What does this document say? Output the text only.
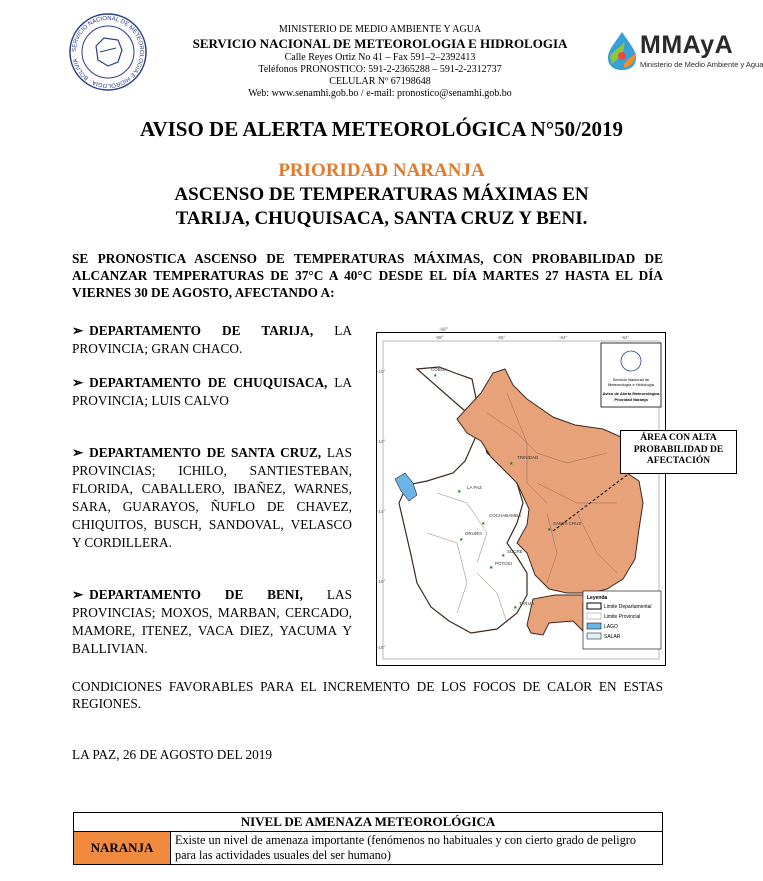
SERVICIO NACIONAL DE METEOROLOGIA E HIDROLOGIA · BOLIVIA
MINISTERIO DE MEDIO AMBIENTE Y AGUA
SERVICIO NACIONAL DE METEOROLOGIA E HIDROLOGIA
Calle Reyes Ortiz No 41 – Fax 591–2–2392413
Teléfonos PRONOSTICO: 591-2-2365288 – 591-2-2312737
CELULAR Nº 67198648
Web: www.senamhi.gob.bo / e-mail: pronostico@senamhi.gob.bo
MMAyA
Ministerio de Medio Ambiente y Agua
AVISO DE ALERTA METEOROLÓGICA N°50/2019
PRIORIDAD NARANJA
ASCENSO DE TEMPERATURAS MÁXIMAS EN
TARIJA, CHUQUISACA, SANTA CRUZ Y BENI.
SE PRONOSTICA ASCENSO DE TEMPERATURAS MÁXIMAS, CON PROBABILIDAD DE ALCANZAR TEMPERATURAS DE 37°C A 40°C DESDE EL DÍA MARTES 27 HASTA EL DÍA VIERNES 30 DE AGOSTO, AFECTANDO A:
➢ DEPARTAMENTO DE TARIJA, LA PROVINCIA; GRAN CHACO.
➢ DEPARTAMENTO DE CHUQUISACA, LA PROVINCIA; LUIS CALVO
➢ DEPARTAMENTO DE SANTA CRUZ, LAS PROVINCIAS; ICHILO, SANTIESTEBAN, FLORIDA, CABALLERO, IBAÑEZ, WARNES, SARA, GUARAYOS, ÑUFLO DE CHAVEZ, CHIQUITOS, BUSCH, SANDOVAL, VELASCO Y CORDILLERA.
➢ DEPARTAMENTO DE BENI, LAS PROVINCIAS; MOXOS, MARBAN, CERCADO, MAMORE, ITENEZ, VACA DIEZ, YACUMA Y BALLIVIAN.
-68°
★
★
★
★
★
★
★
★
★
COBIJA
TRINIDAD
LA PAZ
COCHABAMBA
SANTA CRUZ
ORURO
SUCRE
POTOSI
TARIJA
-68°	-66°	-64°	-62°
-10°
-12°
-14°
-16°
-18°
Servicio Nacional de
Meteorología e Hidrología
Aviso de Alerta Meteorológica
Prioridad Naranja
Leyenda
Limite Departamental
Limite Provincial
LAGO
SALAR
ÁREA CON ALTA PROBABILIDAD DE AFECTACIÓN
CONDICIONES FAVORABLES PARA EL INCREMENTO DE LOS FOCOS DE CALOR EN ESTAS REGIONES.
LA PAZ, 26 DE AGOSTO DEL 2019
NIVEL DE AMENAZA METEOROLÓGICA
NARANJA	Existe un nivel de amenaza importante (fenómenos no habituales y con cierto grado de peligro para las actividades usuales del ser humano)
